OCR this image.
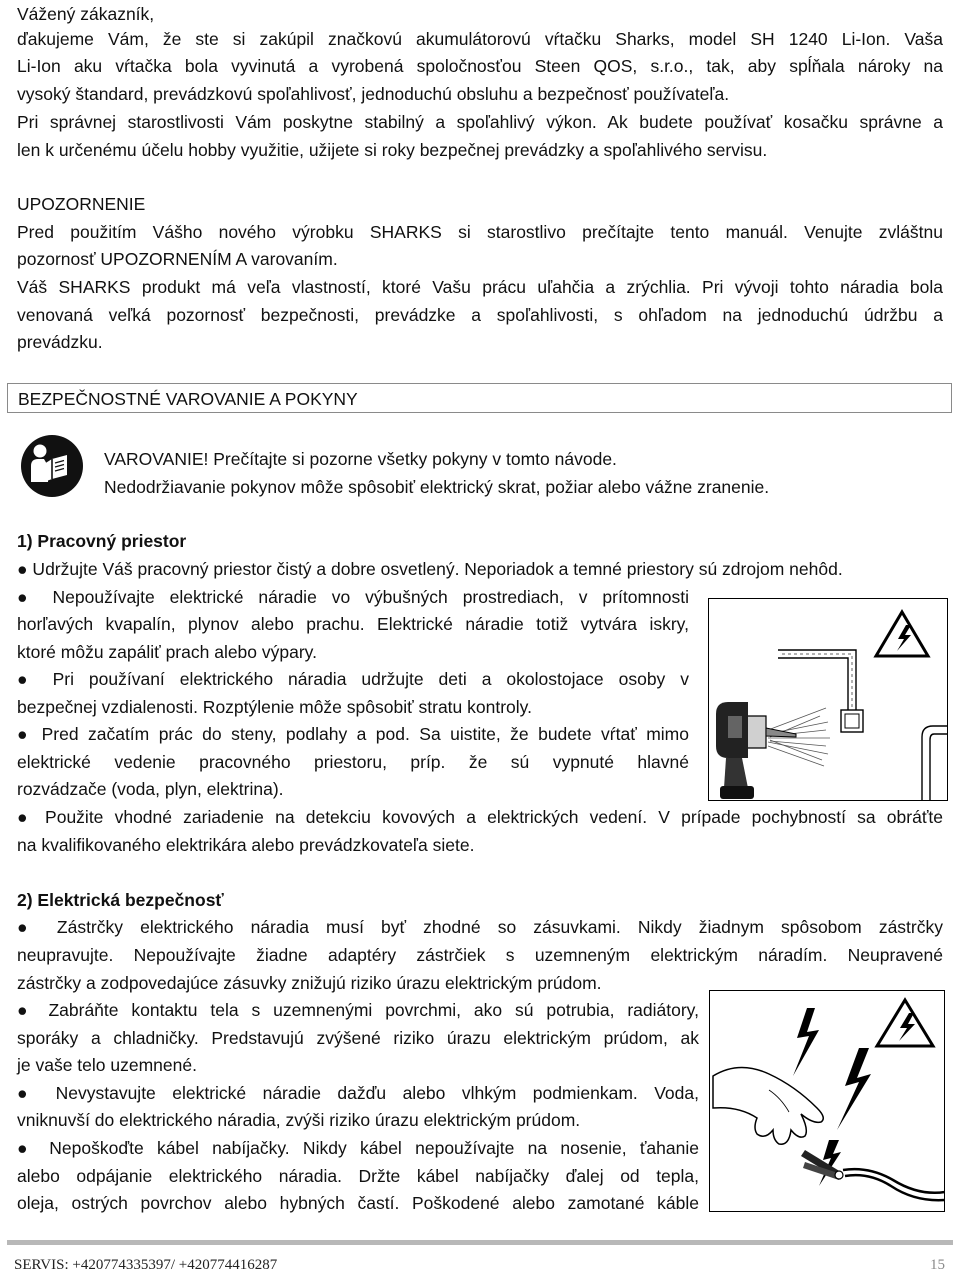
Vážený zákazník,
ďakujeme Vám, že ste si zakúpil značkovú akumulátorovú vŕtačku Sharks, model SH 1240 Li-Ion. Vaša
Li-Ion aku vŕtačka bola vyvinutá a vyrobená spoločnosťou Steen QOS, s.r.o., tak, aby spĺňala nároky na
vysoký štandard, prevádzkovú spoľahlivosť, jednoduchú obsluhu a bezpečnosť používateľa.
Pri správnej starostlivosti Vám poskytne stabilný a spoľahlivý výkon. Ak budete používať kosačku správne a
len k určenému účelu hobby využitie, užijete si roky bezpečnej prevádzky a spoľahlivého servisu.
UPOZORNENIE
Pred použitím Vášho nového výrobku SHARKS si starostlivo prečítajte tento manuál. Venujte zvláštnu
pozornosť UPOZORNENÍM A varovaním.
Váš SHARKS produkt má veľa vlastností, ktoré Vašu prácu uľahčia a zrýchlia. Pri vývoji tohto náradia bola
venovaná veľká pozornosť bezpečnosti, prevádzke a spoľahlivosti, s ohľadom na jednoduchú údržbu a
prevádzku.
BEZPEČNOSTNÉ VAROVANIE A POKYNY
VAROVANIE! Prečítajte si pozorne všetky pokyny v tomto návode.
Nedodržiavanie pokynov môže spôsobiť elektrický skrat, požiar alebo vážne zranenie.
1) Pracovný priestor
● Udržujte Váš pracovný priestor čistý a dobre osvetlený. Neporiadok a temné priestory sú zdrojom nehôd.
● Nepoužívajte elektrické náradie vo výbušných prostrediach, v prítomnosti
horľavých kvapalín, plynov alebo prachu. Elektrické náradie totiž vytvára iskry,
ktoré môžu zapáliť prach alebo výpary.
● Pri používaní elektrického náradia udržujte deti a okolostojace osoby v
bezpečnej vzdialenosti. Rozptýlenie môže spôsobiť stratu kontroly.
● Pred začatím prác do steny, podlahy a pod. Sa uistite, že budete vŕtať mimo
elektrické vedenie pracovného priestoru, príp. že sú vypnuté hlavné
rozvádzače (voda, plyn, elektrina).
● Použite vhodné zariadenie na detekciu kovových a elektrických vedení. V prípade pochybností sa obráťte
na kvalifikovaného elektrikára alebo prevádzkovateľa siete.
2) Elektrická bezpečnosť
● Zástrčky elektrického náradia musí byť zhodné so zásuvkami. Nikdy žiadnym spôsobom zástrčky
neupravujte. Nepoužívajte žiadne adaptéry zástrčiek s uzemneným elektrickým náradím. Neupravené
zástrčky a zodpovedajúce zásuvky znižujú riziko úrazu elektrickým prúdom.
● Zabráňte kontaktu tela s uzemnenými povrchmi, ako sú potrubia, radiátory,
sporáky a chladničky. Predstavujú zvýšené riziko úrazu elektrickým prúdom, ak
je vaše telo uzemnené.
● Nevystavujte elektrické náradie dažďu alebo vlhkým podmienkam. Voda,
vniknuvší do elektrického náradia, zvýši riziko úrazu elektrickým prúdom.
● Nepoškoďte kábel nabíjačky. Nikdy kábel nepoužívajte na nosenie, ťahanie
alebo odpájanie elektrického náradia. Držte kábel nabíjačky ďalej od tepla,
oleja, ostrých povrchov alebo hybných častí. Poškodené alebo zamotané káble
SERVIS: +420774335397/ +420774416287	15
